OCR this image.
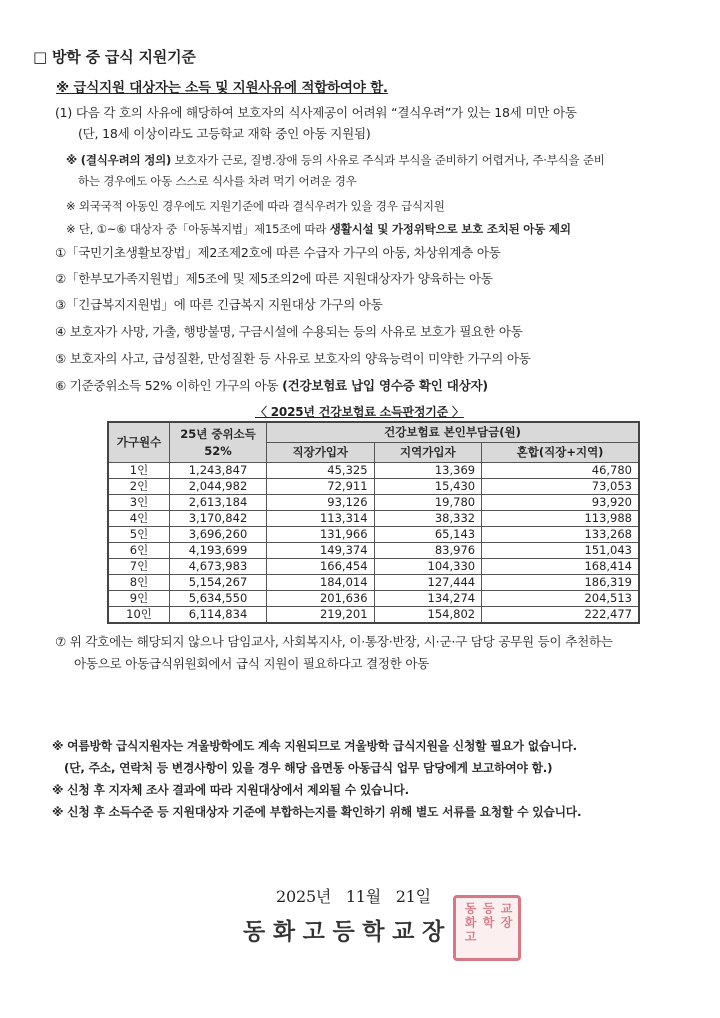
□ 방학 중 급식 지원기준
※ 급식지원 대상자는 소득 및 지원사유에 적합하여야 함.
(1) 다음 각 호의 사유에 해당하여 보호자의 식사제공이 어려워 “결식우려”가 있는 18세 미만 아동
(단, 18세 이상이라도 고등학교 재학 중인 아동 지원됨)
※ (결식우려의 정의) 보호자가 근로, 질병.장애 등의 사유로 주식과 부식을 준비하기 어렵거나, 주·부식을 준비
하는 경우에도 아동 스스로 식사를 차려 먹기 어려운 경우
※ 외국국적 아동인 경우에도 지원기준에 따라 결식우려가 있을 경우 급식지원
※ 단, ①~⑥ 대상자 중「아동복지법」제15조에 따라 생활시설 및 가정위탁으로 보호 조치된 아동 제외
①「국민기초생활보장법」제2조제2호에 따른 수급자 가구의 아동, 차상위계층 아동
②「한부모가족지원법」제5조에 및 제5조의2에 따른 지원대상자가 양육하는 아동
③「긴급복지지원법」에 따른 긴급복지 지원대상 가구의 아동
④ 보호자가 사망, 가출, 행방불명, 구금시설에 수용되는 등의 사유로 보호가 필요한 아동
⑤ 보호자의 사고, 급성질환, 만성질환 등 사유로 보호자의 양육능력이 미약한 가구의 아동
⑥ 기준중위소득 52% 이하인 가구의 아동 (건강보험료 납입 영수증 확인 대상자)
〈 2025년 건강보험료 소득판정기준 〉
가구원수	25년 중위소득 52%	건강보험료 본인부담금(원)		
		직장가입자	지역가입자	혼합(직장+지역)
1인	1,243,847	45,325	13,369	46,780
2인	2,044,982	72,911	15,430	73,053
3인	2,613,184	93,126	19,780	93,920
4인	3,170,842	113,314	38,332	113,988
5인	3,696,260	131,966	65,143	133,268
6인	4,193,699	149,374	83,976	151,043
7인	4,673,983	166,454	104,330	168,414
8인	5,154,267	184,014	127,444	186,319
9인	5,634,550	201,636	134,274	204,513
10인	6,114,834	219,201	154,802	222,477
⑦ 위 각호에는 해당되지 않으나 담임교사, 사회복지사, 이·통장·반장, 시·군·구 담당 공무원 등이 추천하는
아동으로 아동급식위원회에서 급식 지원이 필요하다고 결정한 아동
※ 여름방학 급식지원자는 겨울방학에도 계속 지원되므로 겨울방학 급식지원을 신청할 필요가 없습니다.
(단, 주소, 연락처 등 변경사항이 있을 경우 해당 읍면동 아동급식 업무 담당에게 보고하여야 함.)
※ 신청 후 지자체 조사 결과에 따라 지원대상에서 제외될 수 있습니다.
※ 신청 후 소득수준 등 지원대상자 기준에 부합하는지를 확인하기 위해 별도 서류를 요청할 수 있습니다.
2025년   11월   21일
동화고 등학 교장
동 화 고 등 학 교 장
